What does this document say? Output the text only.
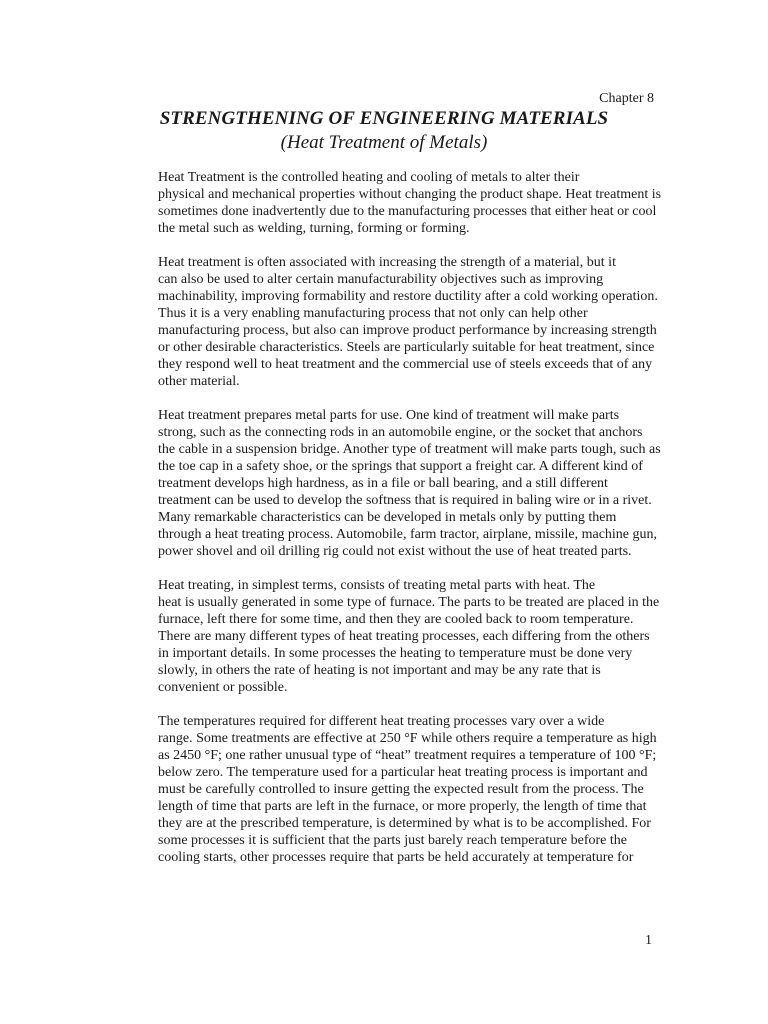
Chapter 8
STRENGTHENING OF ENGINEERING MATERIALS
(Heat Treatment of Metals)

Heat Treatment is the controlled heating and cooling of metals to alter their
physical and mechanical properties without changing the product shape. Heat treatment is
sometimes done inadvertently due to the manufacturing processes that either heat or cool
the metal such as welding, turning, forming or forming.

Heat treatment is often associated with increasing the strength of a material, but it
can also be used to alter certain manufacturability objectives such as improving
machinability, improving formability and restore ductility after a cold working operation.
Thus it is a very enabling manufacturing process that not only can help other
manufacturing process, but also can improve product performance by increasing strength
or other desirable characteristics. Steels are particularly suitable for heat treatment, since
they respond well to heat treatment and the commercial use of steels exceeds that of any
other material.

Heat treatment prepares metal parts for use. One kind of treatment will make parts
strong, such as the connecting rods in an automobile engine, or the socket that anchors
the cable in a suspension bridge. Another type of treatment will make parts tough, such as
the toe cap in a safety shoe, or the springs that support a freight car. A different kind of
treatment develops high hardness, as in a file or ball bearing, and a still different
treatment can be used to develop the softness that is required in baling wire or in a rivet.
Many remarkable characteristics can be developed in metals only by putting them
through a heat treating process. Automobile, farm tractor, airplane, missile, machine gun,
power shovel and oil drilling rig could not exist without the use of heat treated parts.

Heat treating, in simplest terms, consists of treating metal parts with heat. The
heat is usually generated in some type of furnace. The parts to be treated are placed in the
furnace, left there for some time, and then they are cooled back to room temperature.
There are many different types of heat treating processes, each differing from the others
in important details. In some processes the heating to temperature must be done very
slowly, in others the rate of heating is not important and may be any rate that is
convenient or possible.

The temperatures required for different heat treating processes vary over a wide
range. Some treatments are effective at 250 °F while others require a temperature as high
as 2450 °F; one rather unusual type of “heat” treatment requires a temperature of 100 °F;
below zero. The temperature used for a particular heat treating process is important and
must be carefully controlled to insure getting the expected result from the process. The
length of time that parts are left in the furnace, or more properly, the length of time that
they are at the prescribed temperature, is determined by what is to be accomplished. For
some processes it is sufficient that the parts just barely reach temperature before the
cooling starts, other processes require that parts be held accurately at temperature for

1
